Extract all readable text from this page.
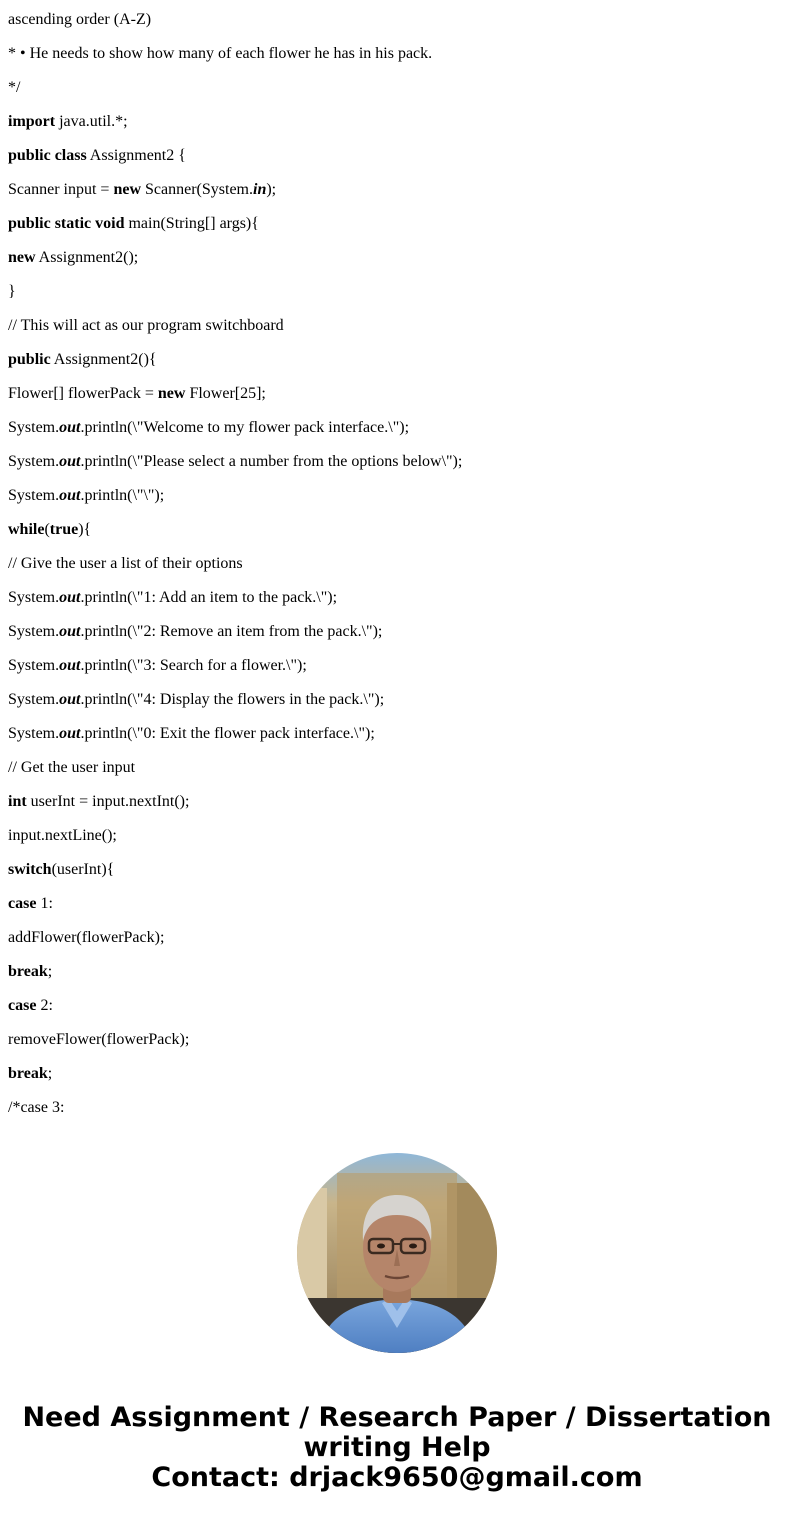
ascending order (A-Z)
* • He needs to show how many of each flower he has in his pack.
*/
import java.util.*;
public class Assignment2 {
Scanner input = new Scanner(System.in);
public static void main(String[] args){
new Assignment2();
}
// This will act as our program switchboard
public Assignment2(){
Flower[] flowerPack = new Flower[25];
System.out.println(\"Welcome to my flower pack interface.\");
System.out.println(\"Please select a number from the options below\");
System.out.println(\"\");
while(true){
// Give the user a list of their options
System.out.println(\"1: Add an item to the pack.\");
System.out.println(\"2: Remove an item from the pack.\");
System.out.println(\"3: Search for a flower.\");
System.out.println(\"4: Display the flowers in the pack.\");
System.out.println(\"0: Exit the flower pack interface.\");
// Get the user input
int userInt = input.nextInt();
input.nextLine();
switch(userInt){
case 1:
addFlower(flowerPack);
break;
case 2:
removeFlower(flowerPack);
break;
/*case 3:
Need Assignment / Research Paper / Dissertation
writing Help
Contact: drjack9650@gmail.com
